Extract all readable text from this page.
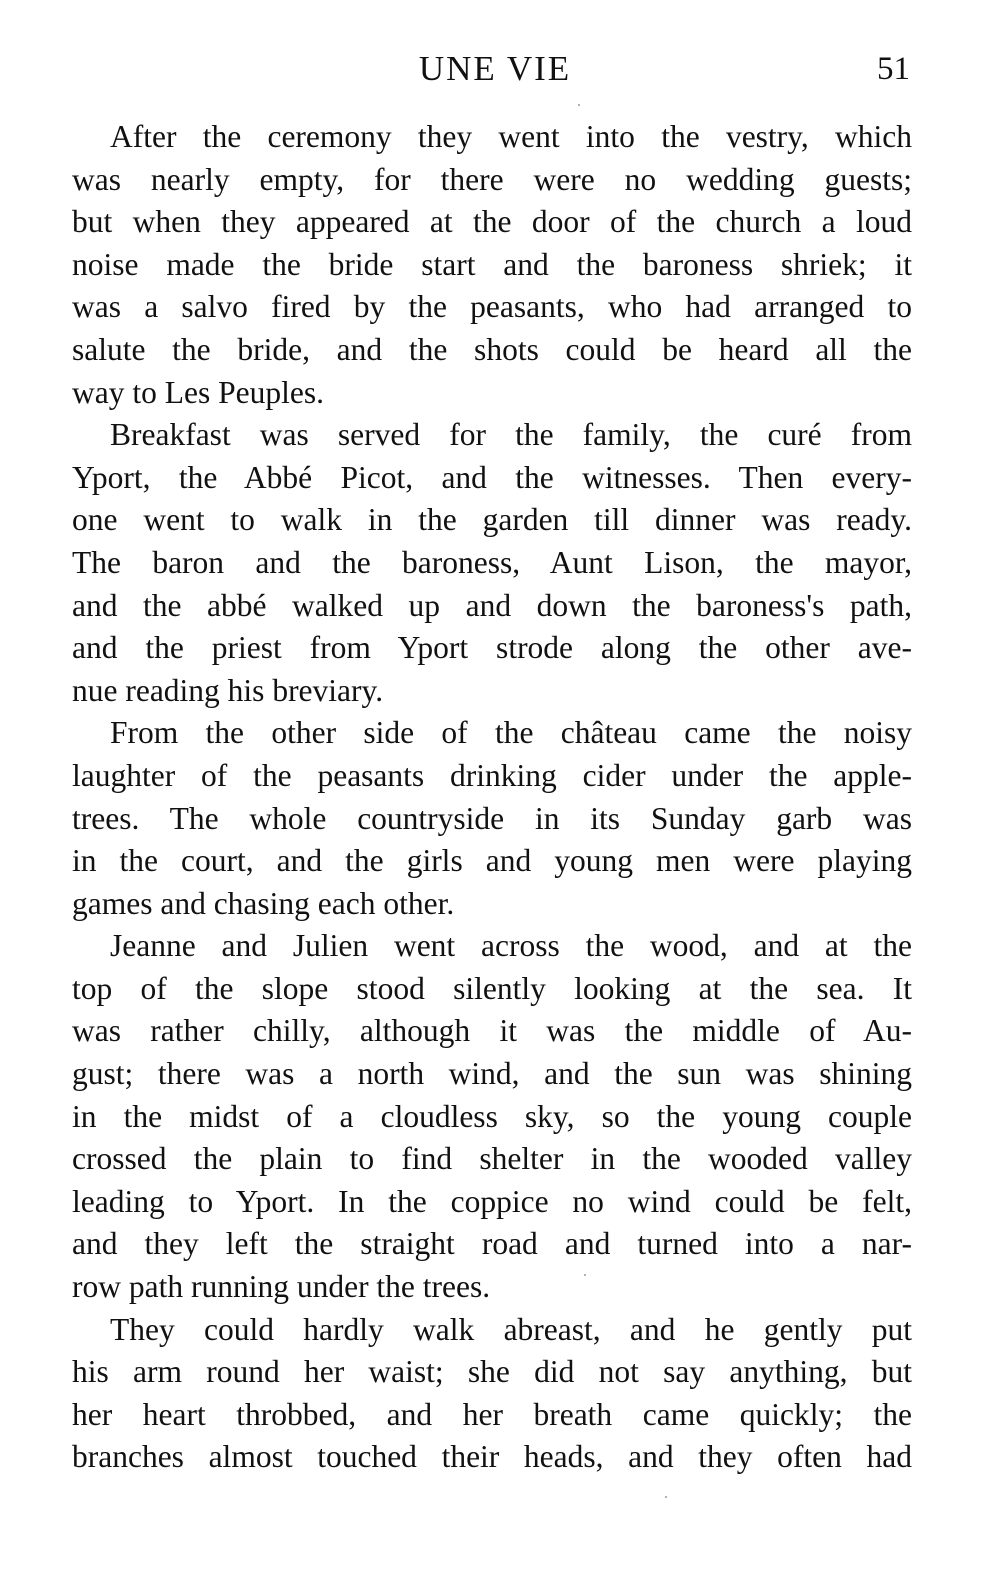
UNE VIE	51
After the ceremony they went into the vestry, which
was nearly empty, for there were no wedding guests;
but when they appeared at the door of the church a loud
noise made the bride start and the baroness shriek; it
was a salvo fired by the peasants, who had arranged to
salute the bride, and the shots could be heard all the
way to Les Peuples.
Breakfast was served for the family, the curé from
Yport, the Abbé Picot, and the witnesses. Then every-
one went to walk in the garden till dinner was ready.
The baron and the baroness, Aunt Lison, the mayor,
and the abbé walked up and down the baroness's path,
and the priest from Yport strode along the other ave-
nue reading his breviary.
From the other side of the château came the noisy
laughter of the peasants drinking cider under the apple-
trees. The whole countryside in its Sunday garb was
in the court, and the girls and young men were playing
games and chasing each other.
Jeanne and Julien went across the wood, and at the
top of the slope stood silently looking at the sea. It
was rather chilly, although it was the middle of Au-
gust; there was a north wind, and the sun was shining
in the midst of a cloudless sky, so the young couple
crossed the plain to find shelter in the wooded valley
leading to Yport. In the coppice no wind could be felt,
and they left the straight road and turned into a nar-
row path running under the trees.
They could hardly walk abreast, and he gently put
his arm round her waist; she did not say anything, but
her heart throbbed, and her breath came quickly; the
branches almost touched their heads, and they often had
